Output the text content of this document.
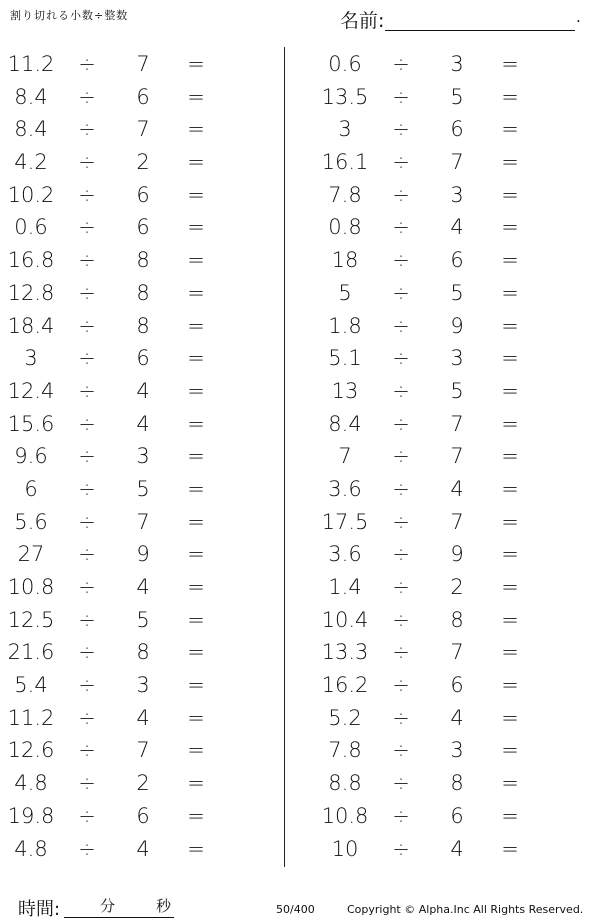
割り切れる小数÷整数	名前:	.
11.2	÷	7	=
8.4	÷	6	=
8.4	÷	7	=
4.2	÷	2	=
10.2	÷	6	=
0.6	÷	6	=
16.8	÷	8	=
12.8	÷	8	=
18.4	÷	8	=
3	÷	6	=
12.4	÷	4	=
15.6	÷	4	=
9.6	÷	3	=
6	÷	5	=
5.6	÷	7	=
27	÷	9	=
10.8	÷	4	=
12.5	÷	5	=
21.6	÷	8	=
5.4	÷	3	=
11.2	÷	4	=
12.6	÷	7	=
4.8	÷	2	=
19.8	÷	6	=
4.8	÷	4	=
0.6	÷	3	=
13.5	÷	5	=
3	÷	6	=
16.1	÷	7	=
7.8	÷	3	=
0.8	÷	4	=
18	÷	6	=
5	÷	5	=
1.8	÷	9	=
5.1	÷	3	=
13	÷	5	=
8.4	÷	7	=
7	÷	7	=
3.6	÷	4	=
17.5	÷	7	=
3.6	÷	9	=
1.4	÷	2	=
10.4	÷	8	=
13.3	÷	7	=
16.2	÷	6	=
5.2	÷	4	=
7.8	÷	3	=
8.8	÷	8	=
10.8	÷	6	=
10	÷	4	=
時間:	分	秒	50/400	Copyright © Alpha.Inc All Rights Reserved.
